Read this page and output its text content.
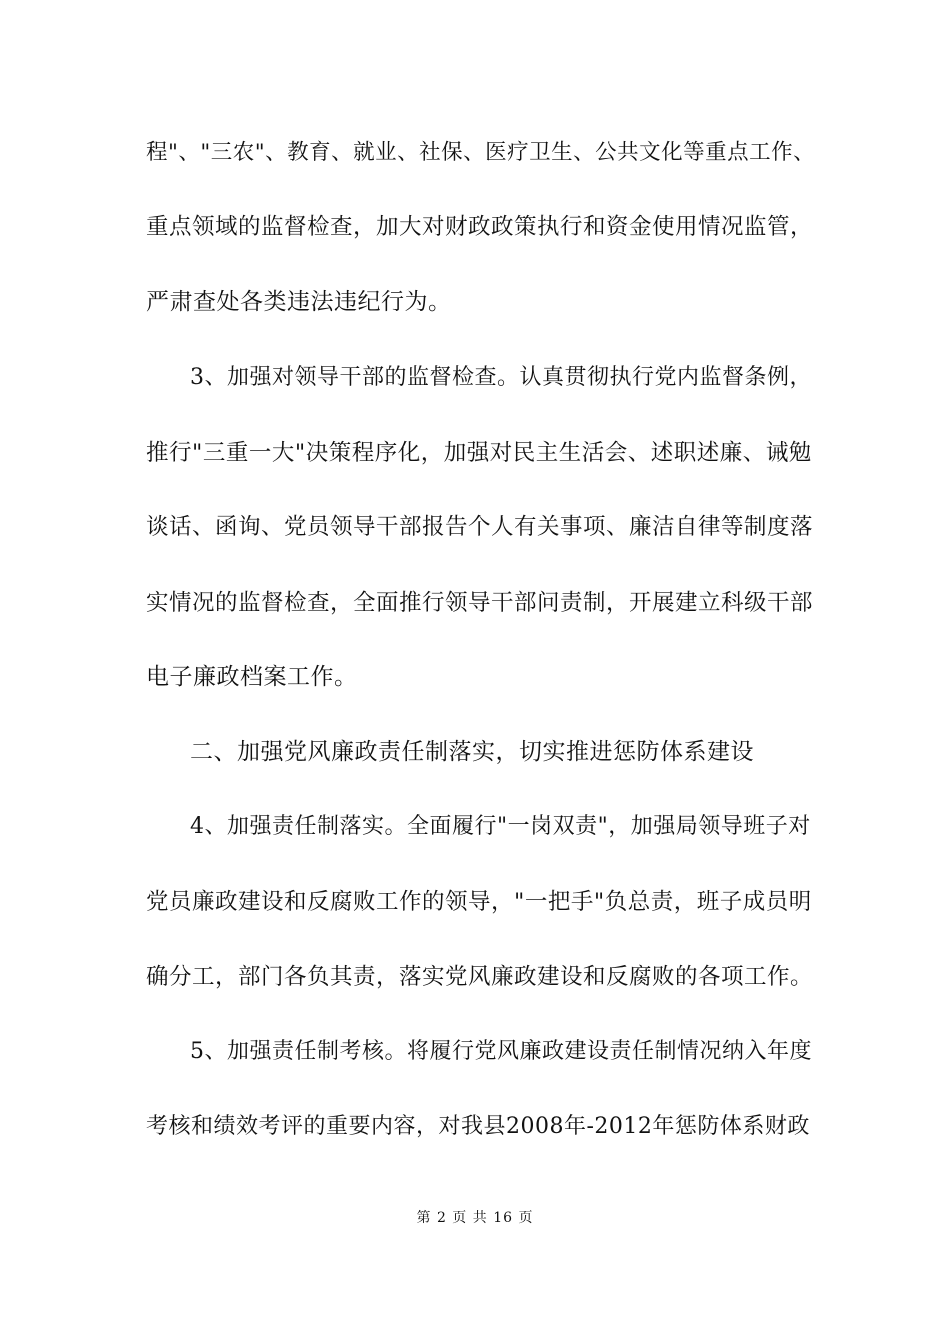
程"、"三农"、教育、就业、社保、医疗卫生、公共文化等重点工作、
重点领域的监督检查，加大对财政政策执行和资金使用情况监管，
严肃查处各类违法违纪行为。
3、加强对领导干部的监督检查。认真贯彻执行党内监督条例，
推行"三重一大"决策程序化，加强对民主生活会、述职述廉、诫勉
谈话、函询、党员领导干部报告个人有关事项、廉洁自律等制度落
实情况的监督检查，全面推行领导干部问责制，开展建立科级干部
电子廉政档案工作。
二、加强党风廉政责任制落实，切实推进惩防体系建设
4、加强责任制落实。全面履行"一岗双责"，加强局领导班子对
党员廉政建设和反腐败工作的领导，"一把手"负总责，班子成员明
确分工，部门各负其责，落实党风廉政建设和反腐败的各项工作。
5、加强责任制考核。将履行党风廉政建设责任制情况纳入年度
考核和绩效考评的重要内容，对我县2008年-2012年惩防体系财政
第 2 页 共 16 页
